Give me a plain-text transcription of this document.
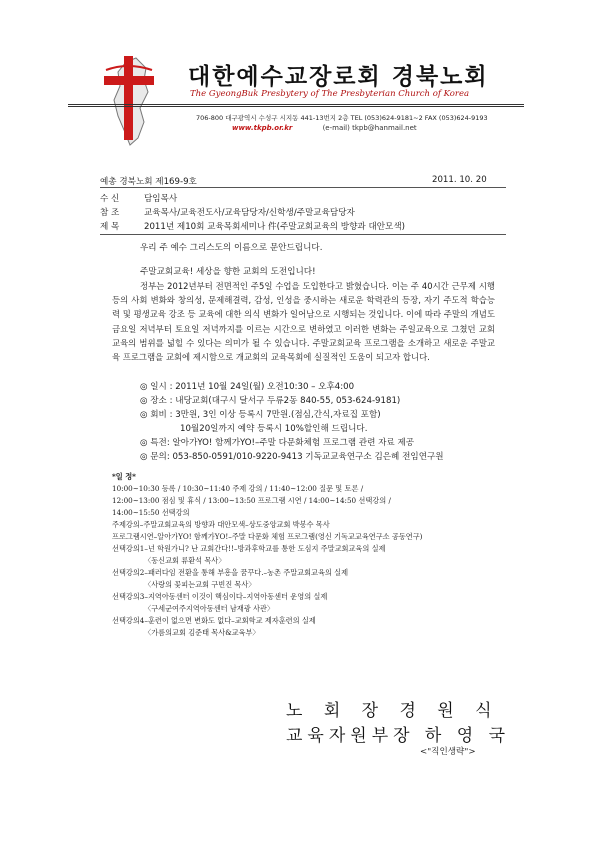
대한예수교장로회 경북노회
The GyeongBuk Presbytery of The Presbyterian Church of Korea
706-800 대구광역시 수성구 시지동 441-13번지 2층 TEL (053)624-9181~2 FAX (053)624-9193
www.tkpb.or.kr	(e-mail) tkpb@hanmail.net
예총 경북노회 제169-9호	2011. 10. 20
수 신	담임목사
참 조	교육목사/교육전도사/교육담당자/신학생/주말교육담당자
제 목	2011년 제10회 교육목회세미나 件(주말교회교육의 방향과 대안모색)
우리 주 예수 그리스도의 이름으로 문안드립니다.
주말교회교육! 세상을 향한 교회의 도전입니다!
정부는 2012년부터 전면적인 주5일 수업을 도입한다고 밝혔습니다. 이는 주 40시간 근무제 시행 등의 사회 변화와 창의성, 문제해결력, 감성, 인성을 중시하는 새로운 학력관의 등장, 자기 주도적 학습능력 및 평생교육 강조 등 교육에 대한 의식 변화가 일어남으로 시행되는 것입니다. 이에 따라 주말의 개념도 금요일 저녁부터 토요일 저녁까지를 이르는 시간으로 변하였고 이러한 변화는 주일교육으로 그쳤던 교회교육의 범위를 넓힐 수 있다는 의미가 될 수 있습니다. 주말교회교육 프로그램을 소개하고 새로운 주말교육 프로그램을 교회에 제시함으로 개교회의 교육목회에 실질적인 도움이 되고자 합니다.
◎ 일시 : 2011년 10월 24일(월) 오전10:30 – 오후4:00
◎ 장소 : 내당교회(대구시 달서구 두류2동 840-55, 053-624-9181)
◎ 회비 : 3만원, 3인 이상 등록시 7만원.(점심,간식,자료집 포함)
10월20일까지 예약 등록시 10%할인해 드립니다.
◎ 특전: 알아가YO! 함께가YO!–주말 다문화체험 프로그램 관련 자료 제공
◎ 문의: 053-850-0591/010-9220-9413 기독교교육연구소 김은혜 전임연구원
*일 정*
10:00~10:30 등록 / 10:30~11:40 주제 강의 / 11:40~12:00 질문 및 토론 /
12:00~13:00 점심 및 휴식 / 13:00~13:50 프로그램 시연 / 14:00~14:50 선택강의 /
14:00~15:50 선택강의
주제강의–주말교회교육의 방향과 대안모색–상도중앙교회 박봉수 목사
프로그램시연–알아가YO! 함께가YO!–주말 다문화 체험 프로그램(영신 기독교교육연구소 공동연구)
선택강의1–넌 학원가니? 난 교회간다!!–방과후학교를 통한 도심지 주말교회교육의 실제
〈동신교회 류환석 목사〉
선택강의2–패러다임 전환을 통해 부흥을 꿈꾸다.–농촌 주말교회교육의 실제
〈사랑의 꽃피는교회 구빈진 목사〉
선택강의3–지역아동센터 이것이 핵심이다–지역아동센터 운영의 실제
〈구세군여주지역아동센터 남재광 사관〉
선택강의4–훈련이 없으면 변화도 없다–교회학교 제자훈련의 실제
〈가름의교회 김준태 목사&교육부〉
노 회 장 경 원 식
교육자원부장 하 영 국
<"직인생략">
